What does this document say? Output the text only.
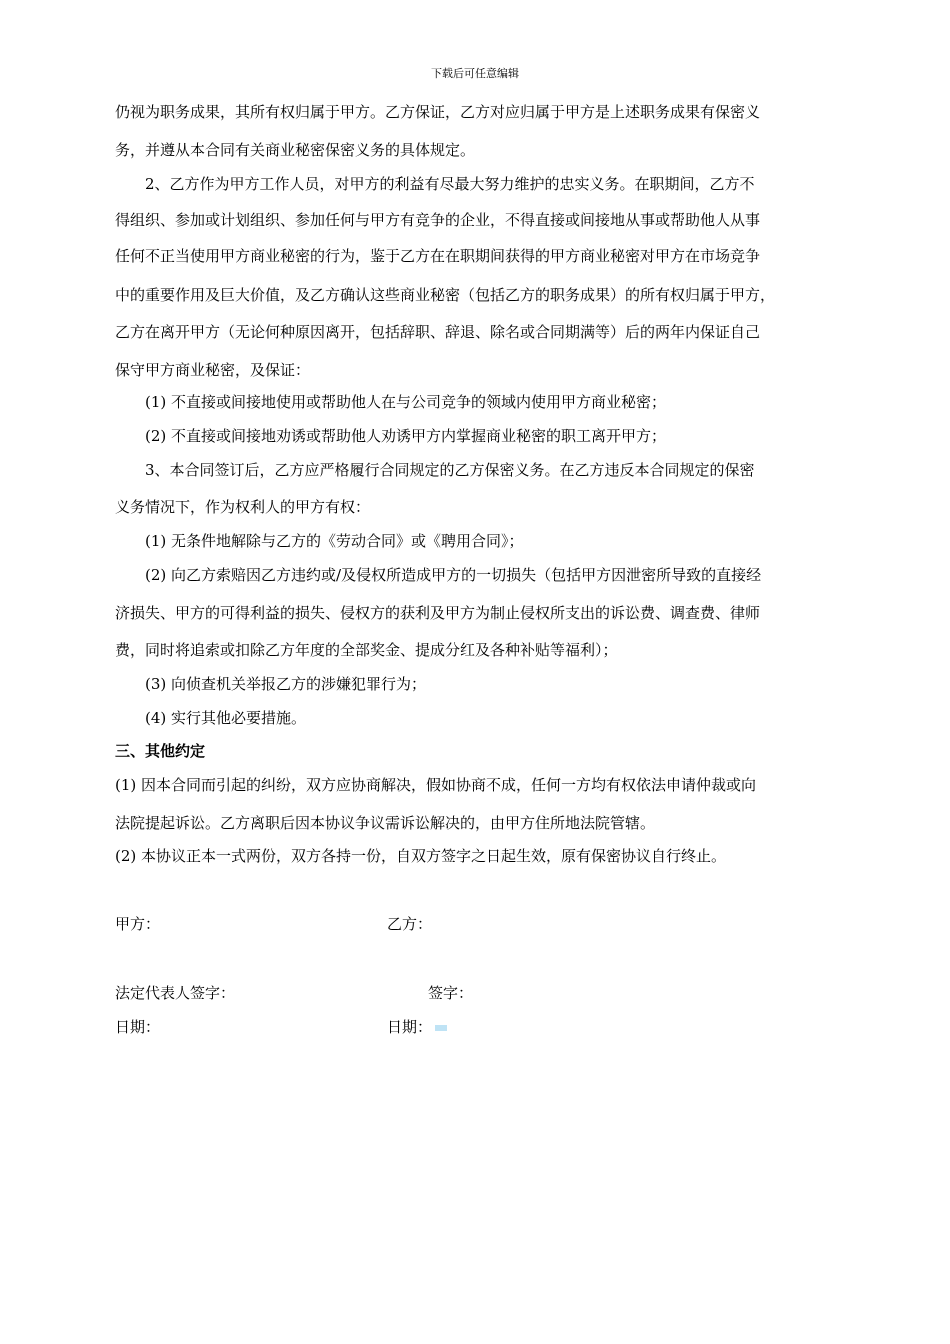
下载后可任意编辑
仍视为职务成果，其所有权归属于甲方。乙方保证，乙方对应归属于甲方是上述职务成果有保密义
务，并遵从本合同有关商业秘密保密义务的具体规定。
　　2、乙方作为甲方工作人员，对甲方的利益有尽最大努力维护的忠实义务。在职期间，乙方不
得组织、参加或计划组织、参加任何与甲方有竞争的企业，不得直接或间接地从事或帮助他人从事
任何不正当使用甲方商业秘密的行为，鉴于乙方在在职期间获得的甲方商业秘密对甲方在市场竞争
中的重要作用及巨大价值，及乙方确认这些商业秘密（包括乙方的职务成果）的所有权归属于甲方，
乙方在离开甲方（无论何种原因离开，包括辞职、辞退、除名或合同期满等）后的两年内保证自己
保守甲方商业秘密，及保证：
　　(1) 不直接或间接地使用或帮助他人在与公司竞争的领域内使用甲方商业秘密；
　　(2) 不直接或间接地劝诱或帮助他人劝诱甲方内掌握商业秘密的职工离开甲方；
　　3、本合同签订后，乙方应严格履行合同规定的乙方保密义务。在乙方违反本合同规定的保密
义务情况下，作为权利人的甲方有权：
　　(1) 无条件地解除与乙方的《劳动合同》或《聘用合同》；
　　(2) 向乙方索赔因乙方违约或/及侵权所造成甲方的一切损失（包括甲方因泄密所导致的直接经
济损失、甲方的可得利益的损失、侵权方的获利及甲方为制止侵权所支出的诉讼费、调查费、律师
费，同时将追索或扣除乙方年度的全部奖金、提成分红及各种补贴等福利）；
　　(3) 向侦查机关举报乙方的涉嫌犯罪行为；
　　(4) 实行其他必要措施。
三、其他约定
(1) 因本合同而引起的纠纷，双方应协商解决，假如协商不成，任何一方均有权依法申请仲裁或向
法院提起诉讼。乙方离职后因本协议争议需诉讼解决的，由甲方住所地法院管辖。
(2) 本协议正本一式两份，双方各持一份，自双方签字之日起生效，原有保密协议自行终止。
甲方：	乙方：
法定代表人签字：	签字：
日期：	日期：
